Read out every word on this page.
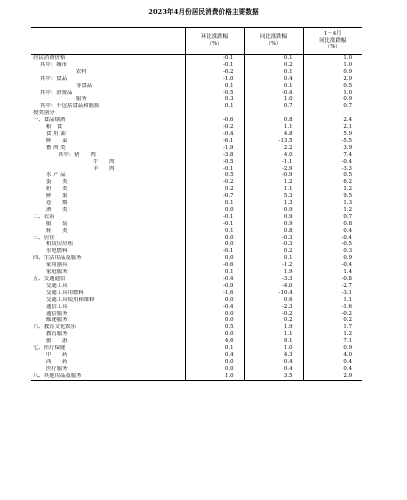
2023年4月份居民消费价格主要数据
	环比涨跌幅
（%）	同比涨跌幅
（%）	1－4月
同比涨跌幅
（%）
居民消费价格	-0.1	0.1	1.0
其中：城市	-0.1	0.2	1.0
农村	-0.2	0.1	0.9
其中：食品	-1.0	0.4	2.9
非食品	0.1	0.1	0.5
其中：消费品	-0.5	-0.4	1.0
服务	0.3	1.0	0.9
其中：不包括食品和能源	0.1	0.7	0.7
按类别分			
一、食品烟酒	-0.6	0.8	2.4
粮　食	-0.2	1.1	2.1
食 用 油	-0.4	4.8	5.9
鲜　　菜	-6.1	-13.5	-5.5
畜 肉 类	-1.9	2.2	3.9
其中：猪　　肉	-3.8	4.0	7.4
牛　　肉	-0.5	-1.1	-0.4
羊　　肉	-0.1	-2.9	-3.3
水 产 品	0.5	-0.9	0.5
蛋　　类	-0.2	1.2	6.2
奶　　类	0.2	1.1	1.2
鲜　　果	-0.7	5.3	9.5
卷　　烟	0.1	1.3	1.3
酒　　类	0.0	0.9	1.2
二、衣着	-0.1	0.9	0.7
服　　装	-0.1	0.9	0.8
鞋　　类	0.1	0.8	0.4
三、居住	0.0	-0.3	-0.4
租赁房房租	0.0	-0.3	-0.5
水电燃料	-0.1	0.2	0.3
四、生活用品及服务	0.0	0.1	0.9
家用器具	-0.6	-1.2	-0.4
家庭服务	0.1	1.9	1.4
五、交通通信	-0.4	-3.3	-0.8
交通工具	-0.9	-4.0	-2.7
交通工具用燃料	-1.6	-10.4	-3.1
交通工具使用和维修	0.0	0.6	1.1
通信工具	-0.4	-2.3	-1.6
通信服务	0.0	-0.2	-0.2
邮递服务	0.0	0.2	0.2
六、教育文化娱乐	0.5	1.9	1.7
教育服务	0.0	1.1	1.2
旅　　游	4.6	9.1	7.1
七、医疗保健	0.1	1.0	0.9
中　　药	0.4	4.3	4.0
西　　药	0.0	0.4	0.4
医疗服务	0.0	0.4	0.4
八、其他用品及服务	1.0	3.5	2.9
